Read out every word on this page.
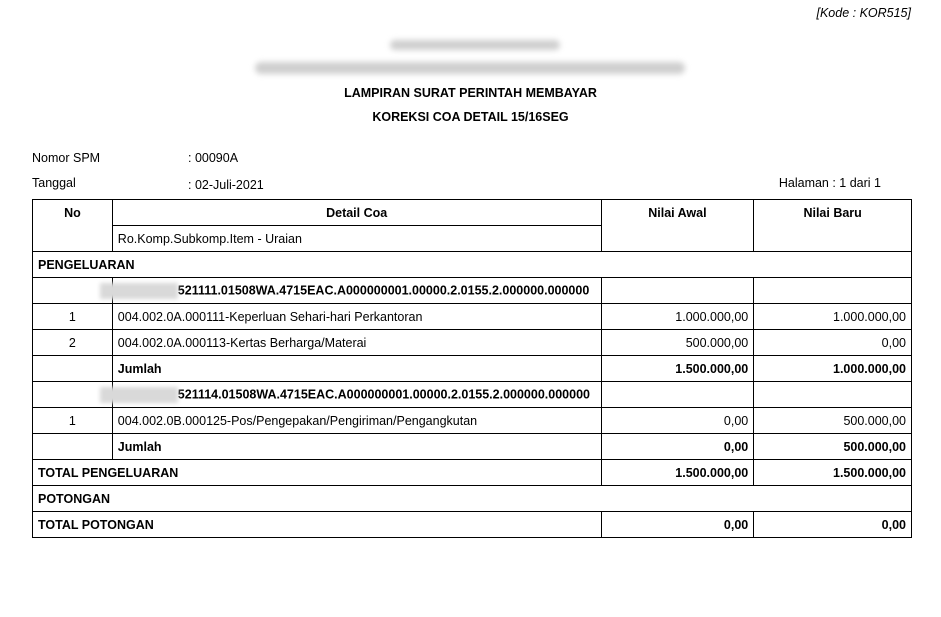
[Kode : KOR515]
LAMPIRAN SURAT PERINTAH MEMBAYAR
KOREKSI COA DETAIL 15/16SEG
Nomor SPM	: 00090A
Tanggal	: 02-Juli-2021	Halaman : 1 dari 1
No	Detail Coa	Nilai Awal	Nilai Baru
	Ro.Komp.Subkomp.Item - Uraian		
PENGELUARAN			
	521111.01508WA.4715EAC.A000000001.00000.2.0155.2.000000.000000		
1	004.002.0A.000111-Keperluan Sehari-hari Perkantoran	1.000.000,00	1.000.000,00
2	004.002.0A.000113-Kertas Berharga/Materai	500.000,00	0,00
	Jumlah	1.500.000,00	1.000.000,00
	521114.01508WA.4715EAC.A000000001.00000.2.0155.2.000000.000000		
1	004.002.0B.000125-Pos/Pengepakan/Pengiriman/Pengangkutan	0,00	500.000,00
	Jumlah	0,00	500.000,00
TOTAL PENGELUARAN		1.500.000,00	1.500.000,00
POTONGAN			
TOTAL POTONGAN		0,00	0,00
